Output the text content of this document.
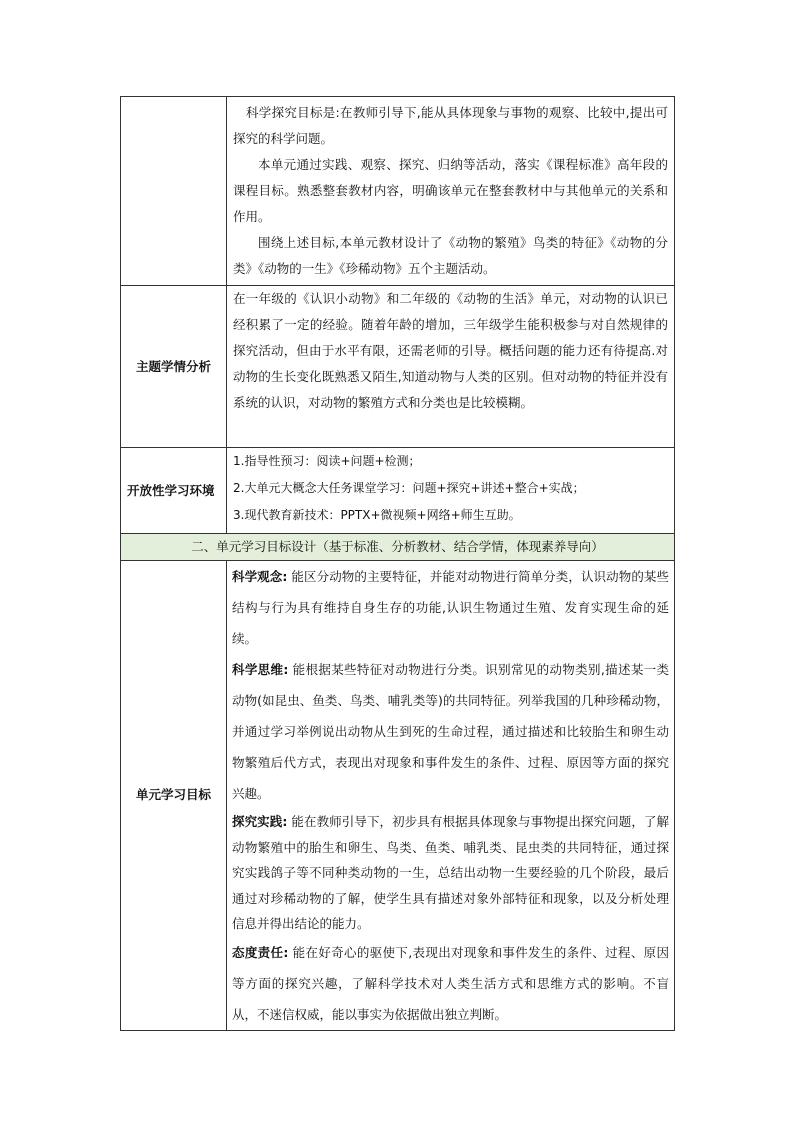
	科学探究目标是:在教师引导下,能从具体现象与事物的观察、比较中,提出可探究的科学问题。

本单元通过实践、观察、探究、归纳等活动，落实《课程标准》高年段的课程目标。熟悉整套教材内容，明确该单元在整套教材中与其他单元的关系和作用。

围绕上述目标,本单元教材设计了《动物的繁殖》鸟类的特征》《动物的分类》《动物的一生》《珍稀动物》五个主题活动。

主题学情分析	在一年级的《认识小动物》和二年级的《动物的生活》单元，对动物的认识已经积累了一定的经验。随着年龄的增加，三年级学生能积极参与对自然规律的探究活动，但由于水平有限，还需老师的引导。概括问题的能力还有待提高.对动物的生长变化既熟悉又陌生,知道动物与人类的区别。但对动物的特征并没有系统的认识，对动物的繁殖方式和分类也是比较模糊。

开放性学习环境	1.指导性预习：阅读+问题+检测；

2.大单元大概念大任务课堂学习：问题+探究+讲述+整合+实战；

3.现代教育新技术：PPTX+微视频+网络+师生互助。

二、单元学习目标设计（基于标准、分析教材、结合学情，体现素养导向）	
单元学习目标	科学观念: 能区分动物的主要特征，并能对动物进行简单分类，认识动物的某些结构与行为具有维持自身生存的功能,认识生物通过生殖、发育实现生命的延续。

科学思维: 能根据某些特征对动物进行分类。识别常见的动物类别,描述某一类动物(如昆虫、鱼类、鸟类、哺乳类等)的共同特征。列举我国的几种珍稀动物，并通过学习举例说出动物从生到死的生命过程，通过描述和比较胎生和卵生动物繁殖后代方式，表现出对现象和事件发生的条件、过程、原因等方面的探究兴趣。

探究实践: 能在教师引导下，初步具有根据具体现象与事物提出探究问题，了解动物繁殖中的胎生和卵生、鸟类、鱼类、哺乳类、昆虫类的共同特征，通过探究实践鸽子等不同种类动物的一生，总结出动物一生要经验的几个阶段，最后通过对珍稀动物的了解，使学生具有描述对象外部特征和现象，以及分析处理信息并得出结论的能力。

态度责任: 能在好奇心的驱使下,表现出对现象和事件发生的条件、过程、原因等方面的探究兴趣，了解科学技术对人类生活方式和思维方式的影响。不盲从，不迷信权威，能以事实为依据做出独立判断。
